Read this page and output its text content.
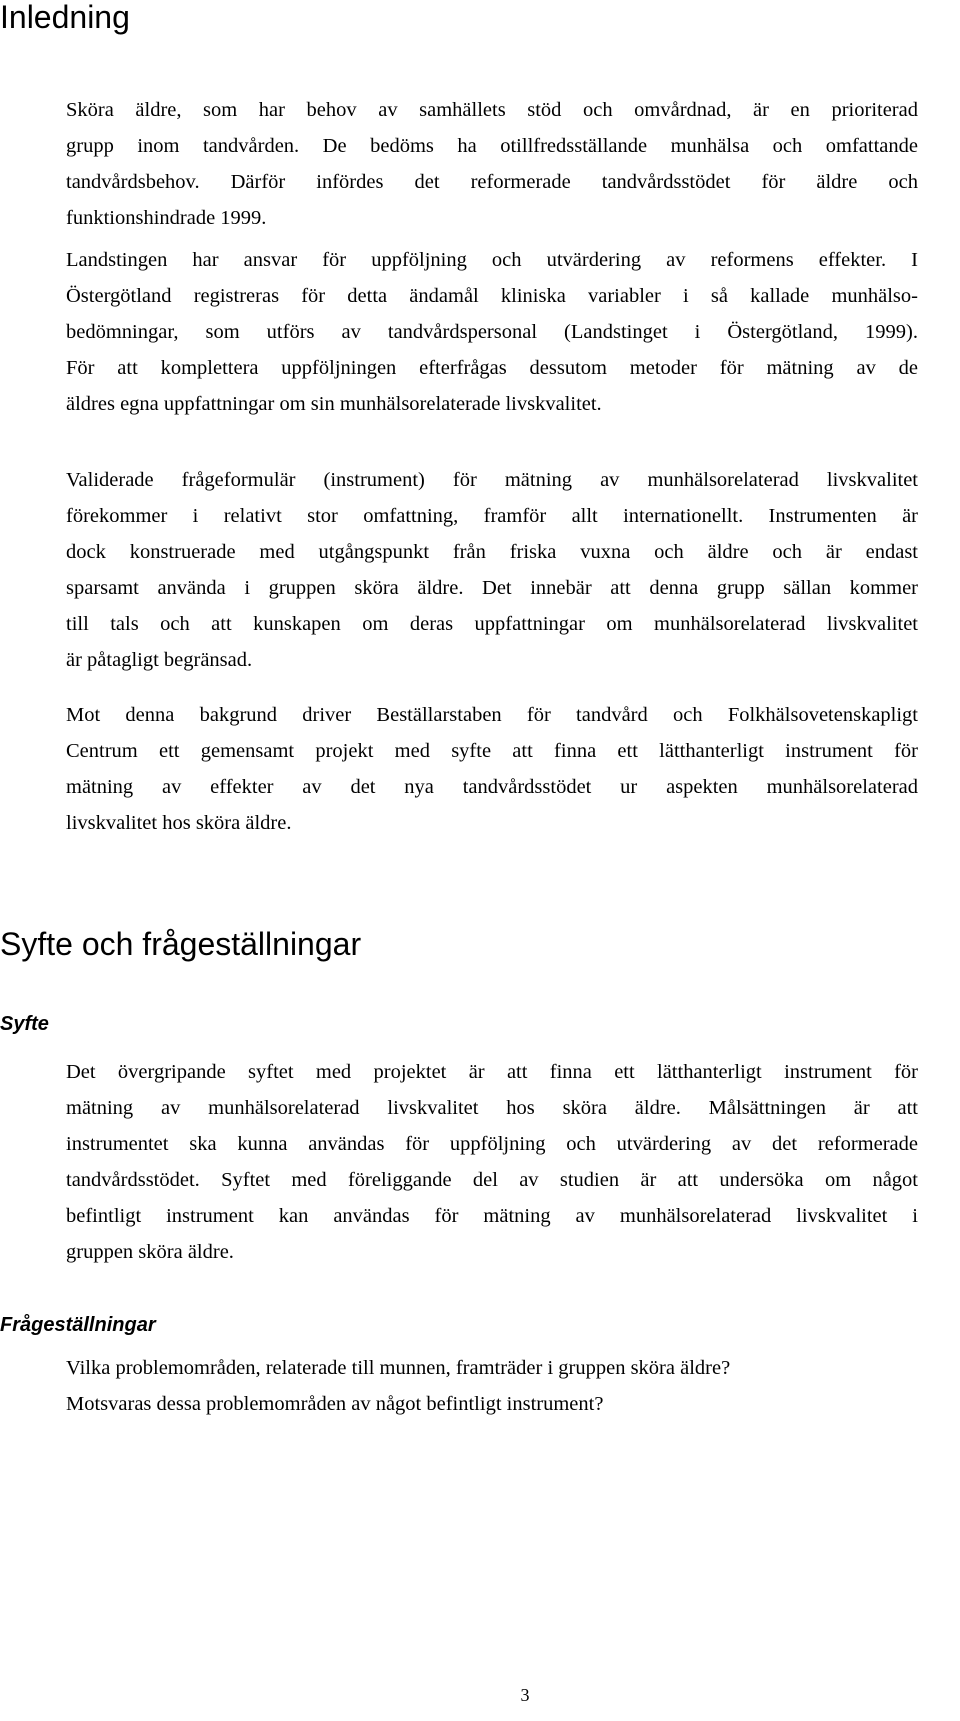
Inledning
Sköra äldre, som har behov av samhällets stöd och omvårdnad, är en prioriterad
grupp inom tandvården. De bedöms ha otillfredsställande munhälsa och omfattande
tandvårdsbehov. Därför infördes det reformerade tandvårdsstödet för äldre och
funktionshindrade 1999.
Landstingen har ansvar för uppföljning och utvärdering av reformens effekter. I
Östergötland registreras för detta ändamål kliniska variabler i så kallade munhälso-
bedömningar, som utförs av tandvårdspersonal (Landstinget i Östergötland, 1999).
För att komplettera uppföljningen efterfrågas dessutom metoder för mätning av de
äldres egna uppfattningar om sin munhälsorelaterade livskvalitet.
Validerade frågeformulär (instrument) för mätning av munhälsorelaterad livskvalitet
förekommer i relativt stor omfattning, framför allt internationellt. Instrumenten är
dock konstruerade med utgångspunkt från friska vuxna och äldre och är endast
sparsamt använda i gruppen sköra äldre. Det innebär att denna grupp sällan kommer
till tals och att kunskapen om deras uppfattningar om munhälsorelaterad livskvalitet
är påtagligt begränsad.
Mot denna bakgrund driver Beställarstaben för tandvård och Folkhälsovetenskapligt
Centrum ett gemensamt projekt med syfte att finna ett lätthanterligt instrument för
mätning av effekter av det nya tandvårdsstödet ur aspekten munhälsorelaterad
livskvalitet hos sköra äldre.
Syfte och frågeställningar
Syfte
Det övergripande syftet med projektet är att finna ett lätthanterligt instrument för
mätning av munhälsorelaterad livskvalitet hos sköra äldre. Målsättningen är att
instrumentet ska kunna användas för uppföljning och utvärdering av det reformerade
tandvårdsstödet. Syftet med föreliggande del av studien är att undersöka om något
befintligt instrument kan användas för mätning av munhälsorelaterad livskvalitet i
gruppen sköra äldre.
Frågeställningar
Vilka problemområden, relaterade till munnen, framträder i gruppen sköra äldre?
Motsvaras dessa problemområden av något befintligt instrument?
3
